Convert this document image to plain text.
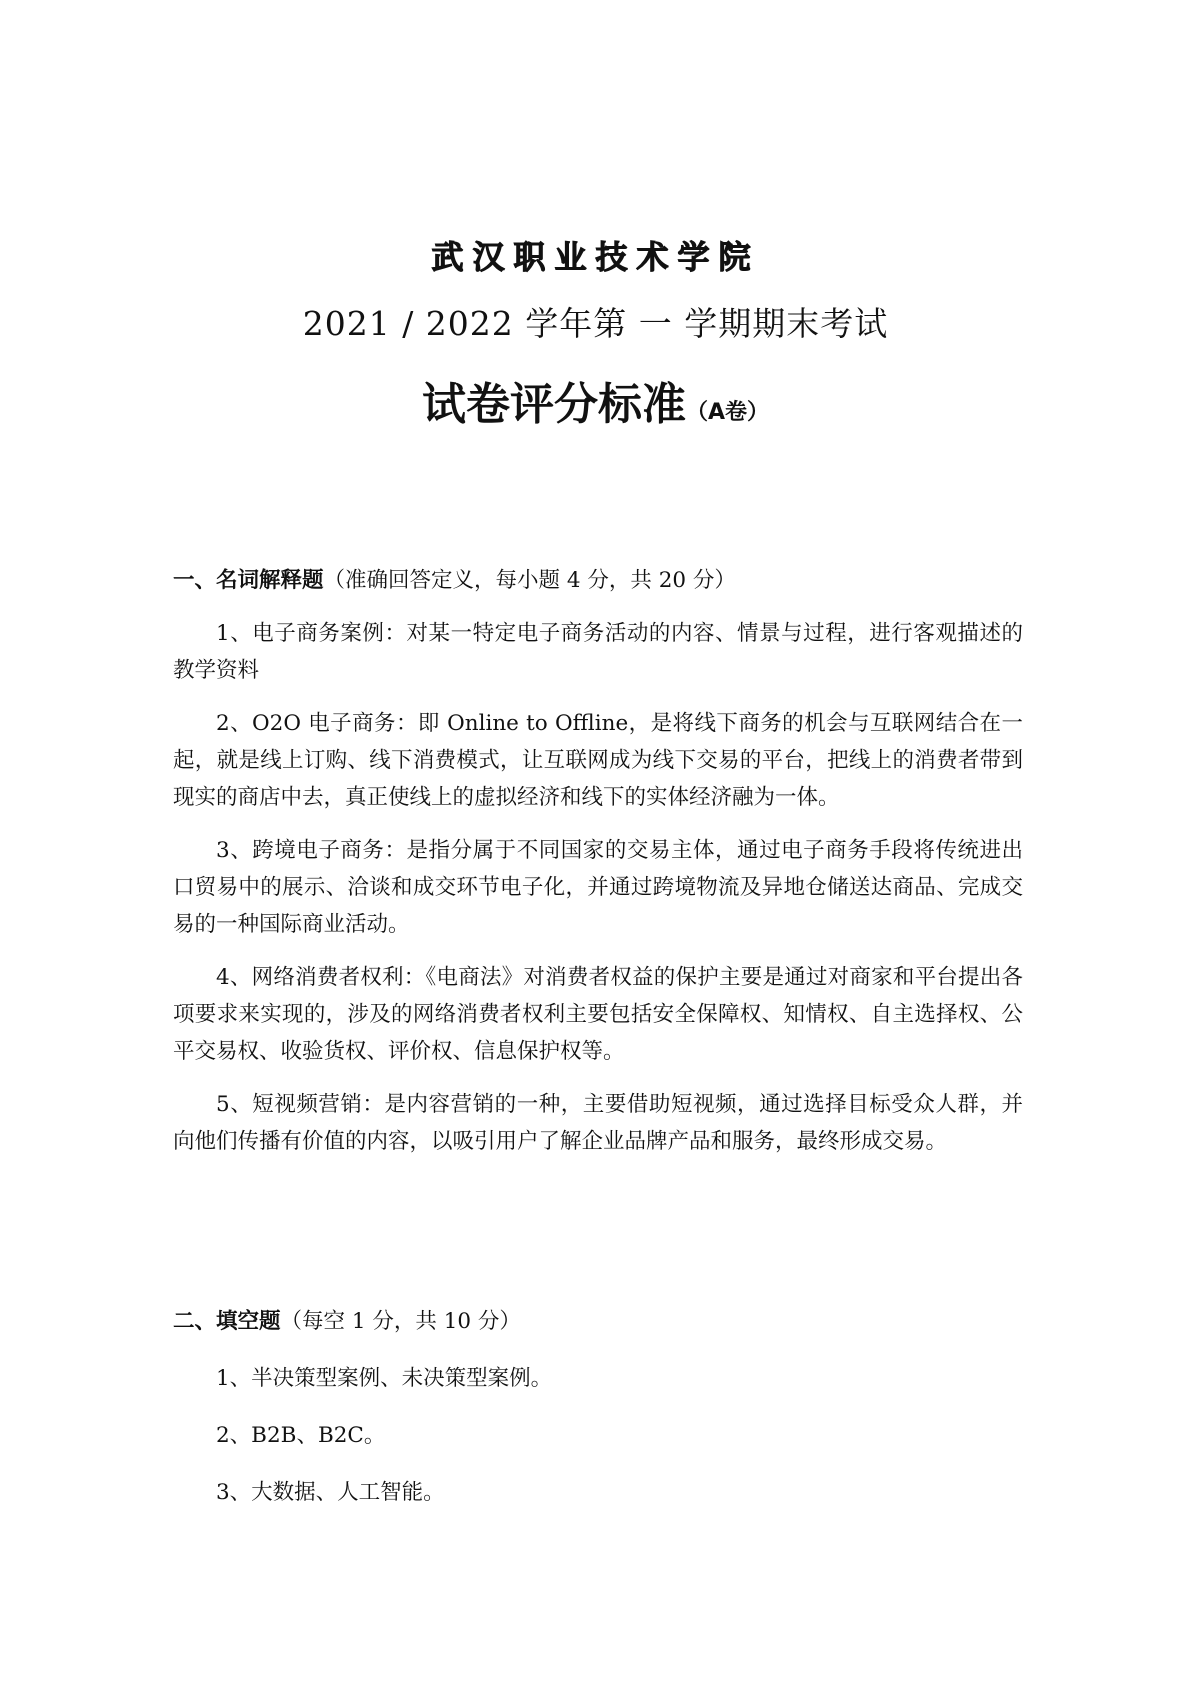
武汉职业技术学院
2021 / 2022 学年第 一 学期期末考试
试卷评分标准（A卷）

一、名词解释题（准确回答定义，每小题 4 分，共 20 分）

1、电子商务案例：对某一特定电子商务活动的内容、情景与过程，进行客观描述的教学资料

2、O2O 电子商务：即 Online to Offline，是将线下商务的机会与互联网结合在一起，就是线上订购、线下消费模式，让互联网成为线下交易的平台，把线上的消费者带到现实的商店中去，真正使线上的虚拟经济和线下的实体经济融为一体。

3、跨境电子商务：是指分属于不同国家的交易主体，通过电子商务手段将传统进出口贸易中的展示、洽谈和成交环节电子化，并通过跨境物流及异地仓储送达商品、完成交易的一种国际商业活动。

4、网络消费者权利：《电商法》对消费者权益的保护主要是通过对商家和平台提出各项要求来实现的，涉及的网络消费者权利主要包括安全保障权、知情权、自主选择权、公平交易权、收验货权、评价权、信息保护权等。

5、短视频营销：是内容营销的一种，主要借助短视频，通过选择目标受众人群，并向他们传播有价值的内容，以吸引用户了解企业品牌产品和服务，最终形成交易。

二、填空题（每空 1 分，共 10 分）

1、半决策型案例、未决策型案例。

2、B2B、B2C。

3、大数据、人工智能。
